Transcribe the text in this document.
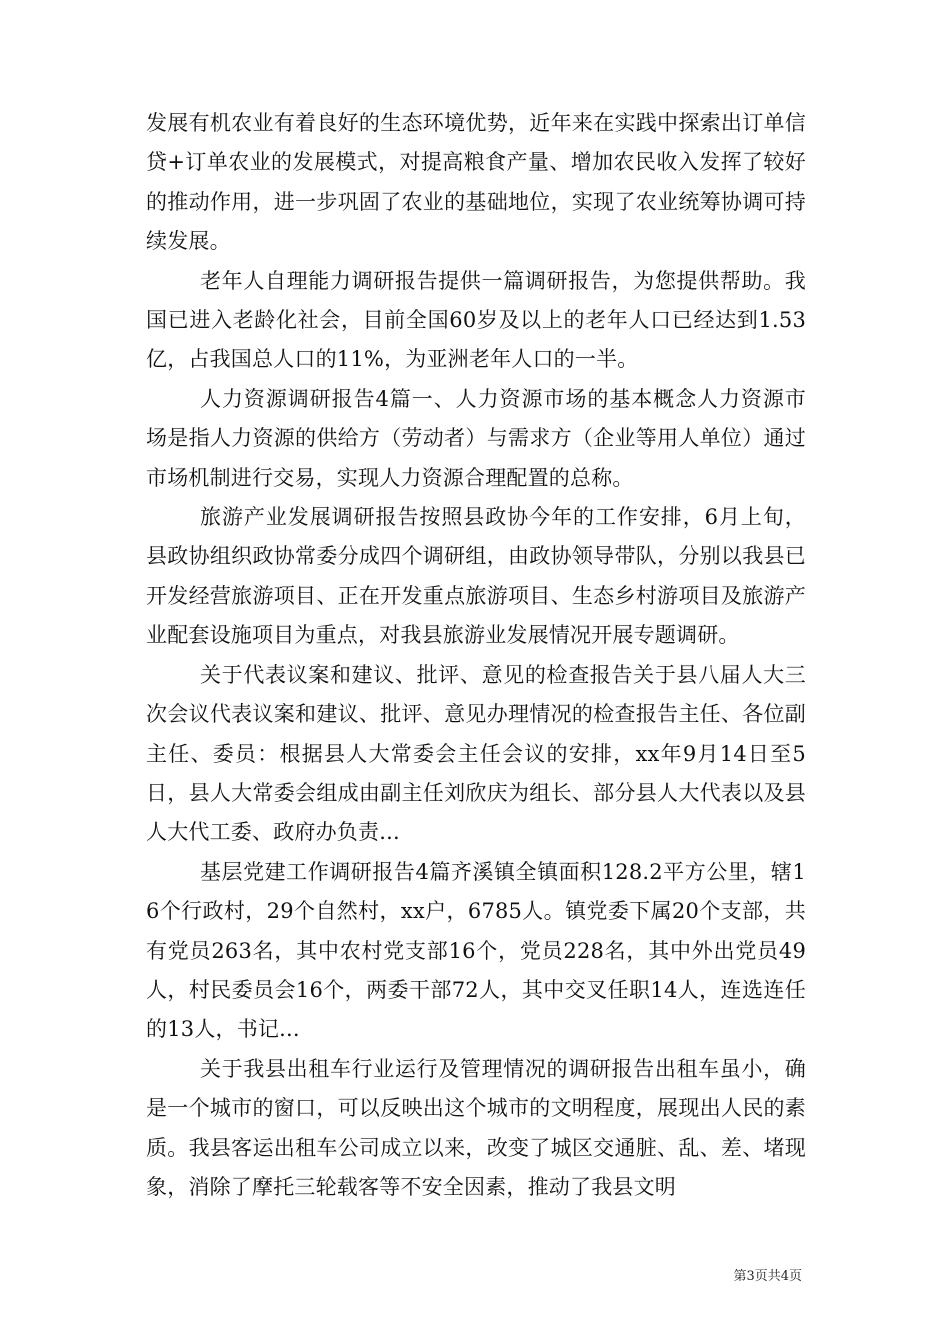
发展有机农业有着良好的生态环境优势，近年来在实践中探索出订单信贷+订单农业的发展模式，对提高粮食产量、增加农民收入发挥了较好的推动作用，进一步巩固了农业的基础地位，实现了农业统筹协调可持续发展。

老年人自理能力调研报告提供一篇调研报告，为您提供帮助。我国已进入老龄化社会，目前全国60岁及以上的老年人口已经达到1.53亿，占我国总人口的11%，为亚洲老年人口的一半。

人力资源调研报告4篇一、人力资源市场的基本概念人力资源市场是指人力资源的供给方（劳动者）与需求方（企业等用人单位）通过市场机制进行交易，实现人力资源合理配置的总称。

旅游产业发展调研报告按照县政协今年的工作安排，6月上旬，县政协组织政协常委分成四个调研组，由政协领导带队，分别以我县已开发经营旅游项目、正在开发重点旅游项目、生态乡村游项目及旅游产业配套设施项目为重点，对我县旅游业发展情况开展专题调研。

关于代表议案和建议、批评、意见的检查报告关于县八届人大三次会议代表议案和建议、批评、意见办理情况的检查报告主任、各位副主任、委员：根据县人大常委会主任会议的安排，xx年9月14日至5日，县人大常委会组成由副主任刘欣庆为组长、部分县人大代表以及县人大代工委、政府办负责...

基层党建工作调研报告4篇齐溪镇全镇面积128.2平方公里，辖16个行政村，29个自然村，xx户，6785人。镇党委下属20个支部，共有党员263名，其中农村党支部16个，党员228名，其中外出党员49人，村民委员会16个，两委干部72人，其中交叉任职14人，连选连任的13人，书记...

关于我县出租车行业运行及管理情况的调研报告出租车虽小，确是一个城市的窗口，可以反映出这个城市的文明程度，展现出人民的素质。我县客运出租车公司成立以来，改变了城区交通脏、乱、差、堵现象，消除了摩托三轮载客等不安全因素，推动了我县文明

第3页共4页
